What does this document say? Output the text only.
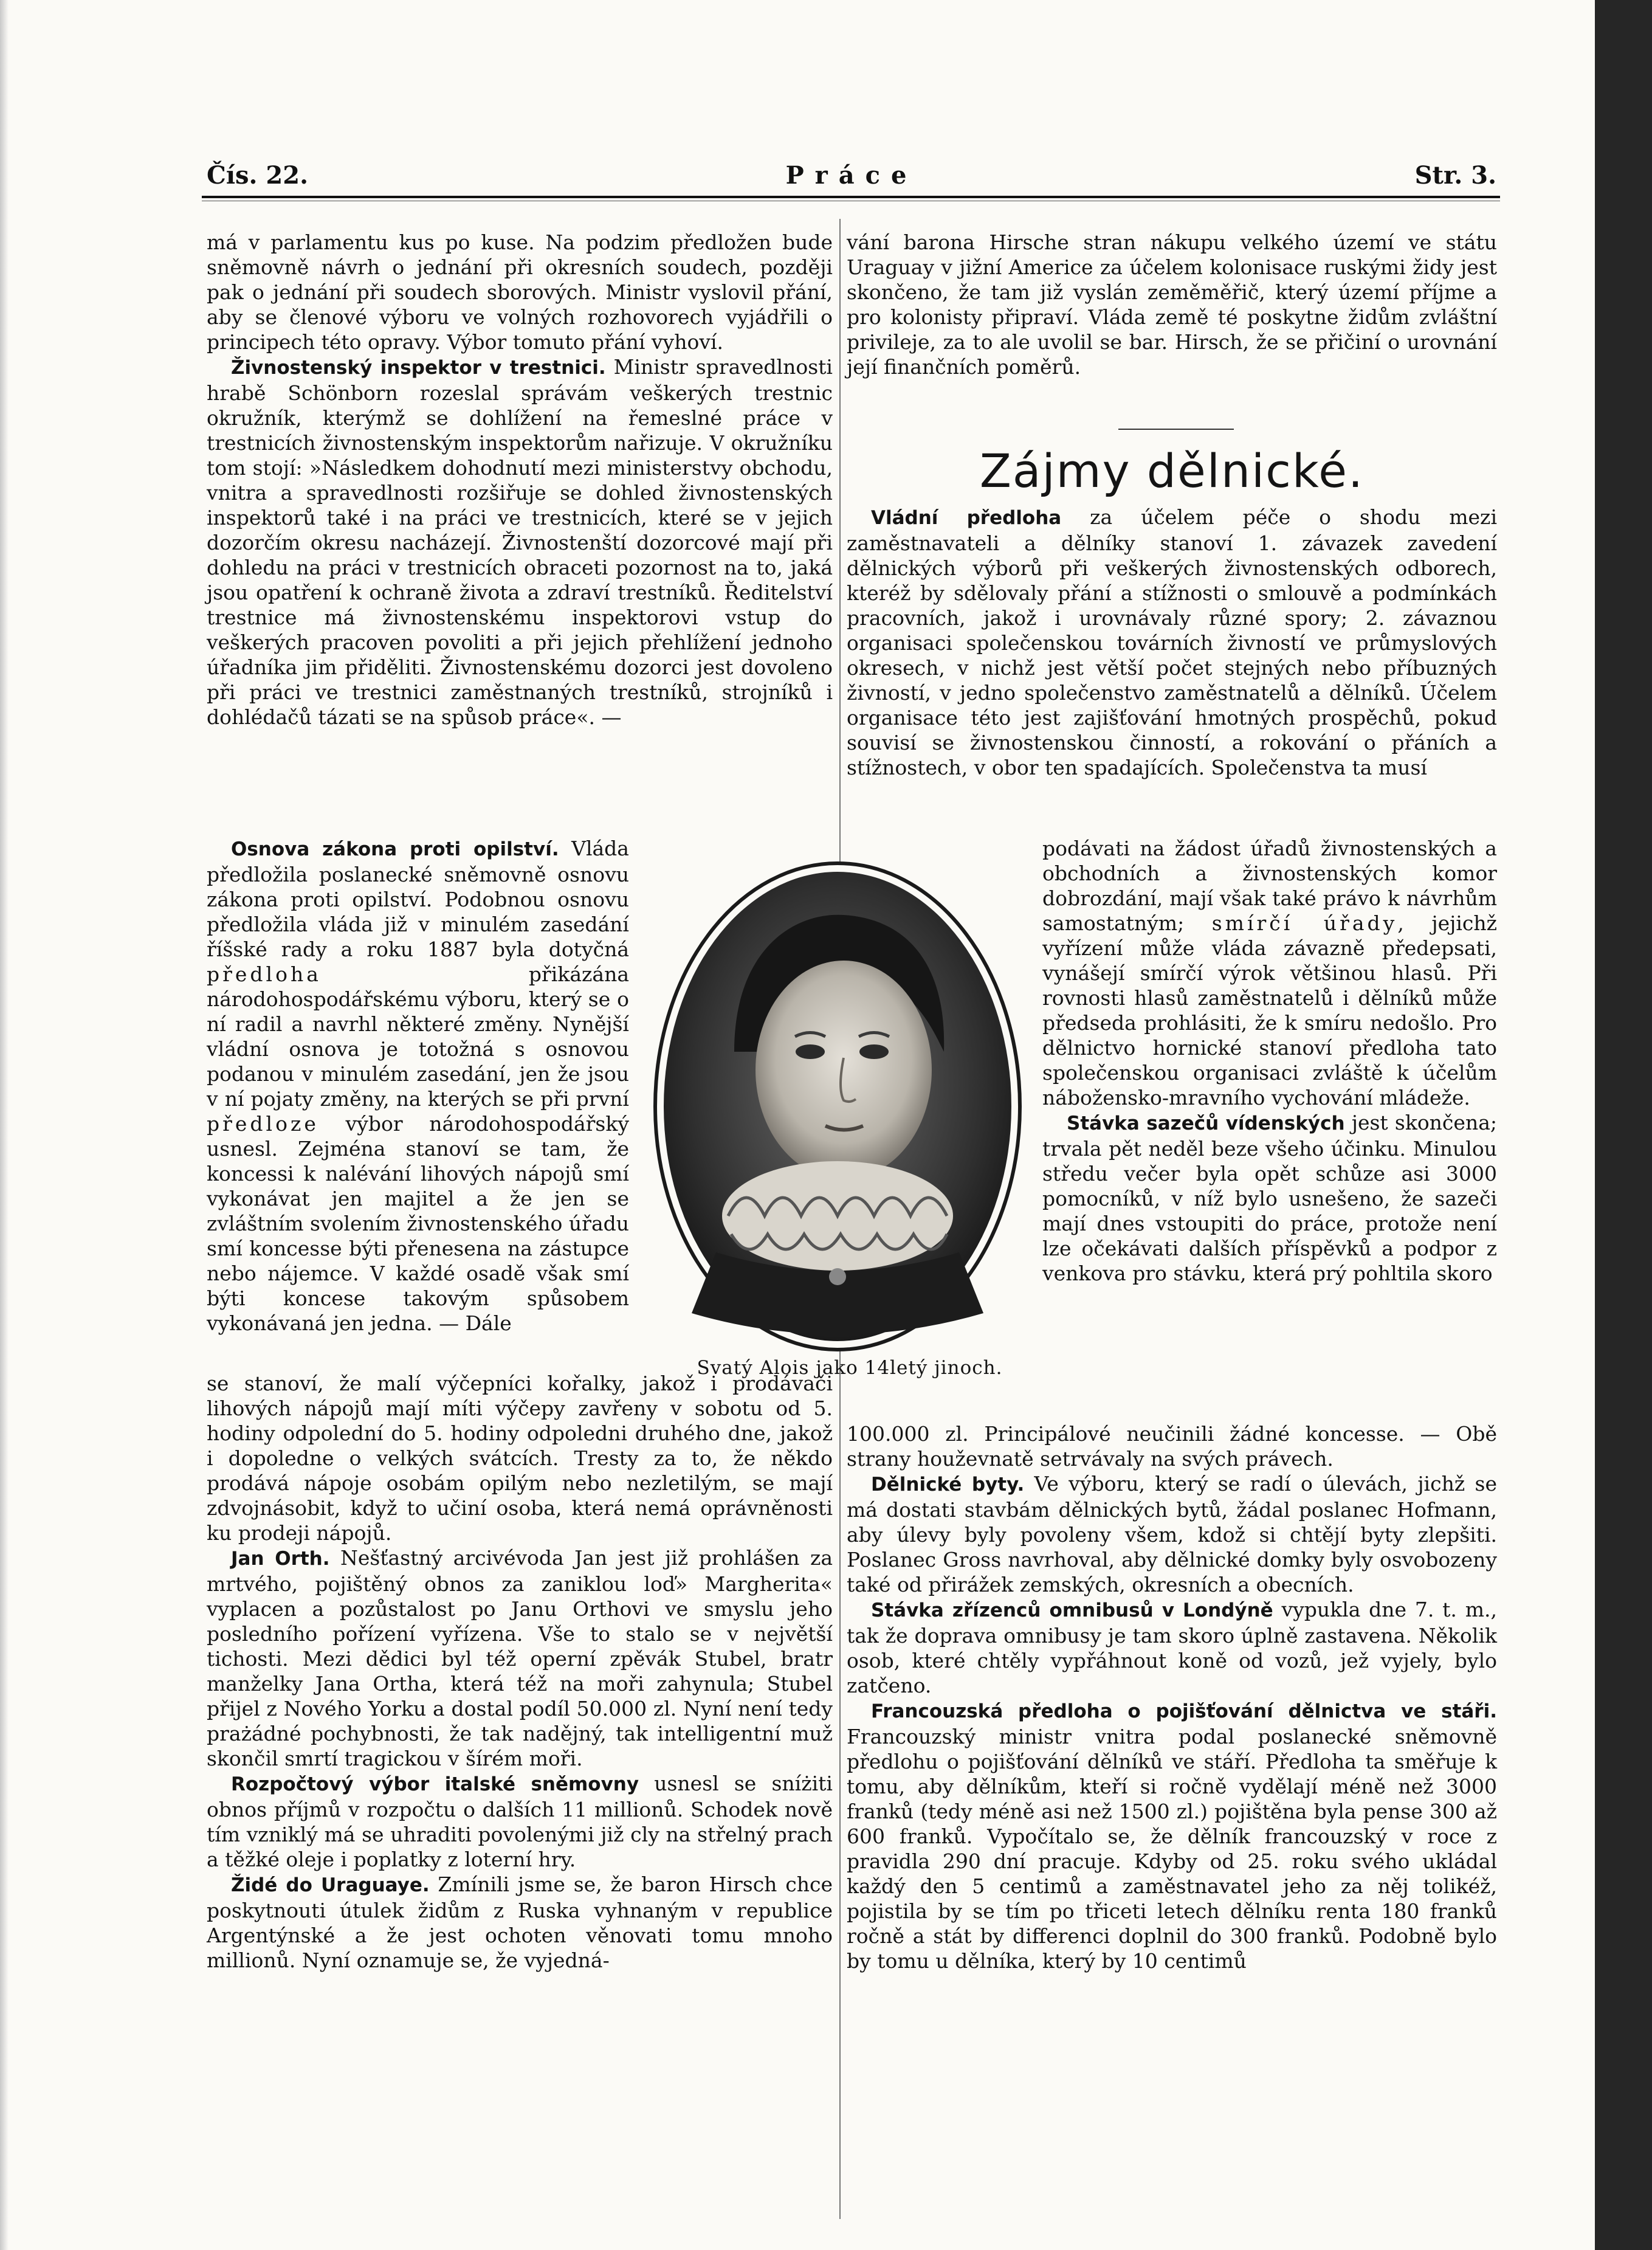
Čís. 22.	Práce	Str. 3.

má v parlamentu kus po kuse. Na podzim předložen bude sněmovně návrh o jednání při okresních soudech, později pak o jednání při soudech sborových. Ministr vyslovil přání, aby se členové výboru ve volných rozhovorech vyjádřili o principech této opravy. Výbor tomuto přání vyhoví.

Živnostenský inspektor v trestnici. Ministr spravedlnosti hrabě Schönborn rozeslal správám veškerých trestnic okružník, kterýmž se dohlížení na řemeslné práce v trestnicích živnostenským inspektorům nařizuje. V okružníku tom stojí: »Následkem dohodnutí mezi ministerstvy obchodu, vnitra a spravedlnosti rozšiřuje se dohled živnostenských inspektorů také i na práci ve trestnicích, které se v jejich dozorčím okresu nacházejí. Živnostenští dozorcové mají při dohledu na práci v trestnicích obraceti pozornost na to, jaká jsou opatření k ochraně života a zdraví trestníků. Ředitelství trestnice má živnostenskému inspektorovi vstup do veškerých pracoven povoliti a při jejich přehlížení jednoho úřadníka jim přiděliti. Živnostenskému dozorci jest dovoleno při práci ve trestnici zaměstnaných trestníků, strojníků i dohlédačů tázati se na spůsob práce«. —

Osnova zákona proti opilství. Vláda předložila poslanecké sněmovně osnovu zákona proti opilství. Podobnou osnovu předložila vláda již v minulém zasedání říšské rady a roku 1887 byla dotyčná předloha přikázána národohospodářskému výboru, který se o ní radil a navrhl některé změny. Nynější vládní osnova je totožná s osnovou podanou v minulém zasedání, jen že jsou v ní pojaty změny, na kterých se při první předloze výbor národohospodářský usnesl. Zejména stanoví se tam, že koncessi k nalévání lihových nápojů smí vykonávat jen majitel a že jen se zvláštním svolením živnostenského úřadu smí koncesse býti přenesena na zástupce nebo nájemce. V každé osadě však smí býti koncese takovým spůsobem vykonávaná jen jedna. — Dále

se stanoví, že malí výčepníci kořalky, jakož i prodávači lihových nápojů mají míti výčepy zavřeny v sobotu od 5. hodiny odpolední do 5. hodiny odpoledni druhého dne, jakož i dopoledne o velkých svátcích. Tresty za to, že někdo prodává nápoje osobám opilým nebo nezletilým, se mají zdvojnásobit, když to učiní osoba, která nemá oprávněnosti ku prodeji nápojů.

Jan Orth. Nešťastný arcivévoda Jan jest již prohlášen za mrtvého, pojištěný obnos za zaniklou loď» Margherita« vyplacen a pozůstalost po Janu Orthovi ve smyslu jeho posledního pořízení vyřízena. Vše to stalo se v největší tichosti. Mezi dědici byl též operní zpěvák Stubel, bratr manželky Jana Ortha, která též na moři zahynula; Stubel přijel z Nového Yorku a dostal podíl 50.000 zl. Nyní není tedy prażádné pochybnosti, že tak nadějný, tak intelligentní muž skončil smrtí tragickou v šírém moři.

Rozpočtový výbor italské sněmovny usnesl se sníżiti obnos příjmů v rozpočtu o dalších 11 millionů. Schodek nově tím vzniklý má se uhraditi povolenými již cly na střelný prach a těžké oleje i poplatky z loterní hry.

Židé do Uraguaye. Zmínili jsme se, že baron Hirsch chce poskytnouti útulek židům z Ruska vyhnaným v republice Argentýnské a že jest ochoten věnovati tomu mnoho millionů. Nyní oznamuje se, že vyjedná-

vání barona Hirsche stran nákupu velkého území ve státu Uraguay v jižní Americe za účelem kolonisace ruskými židy jest skončeno, že tam již vyslán zeměměřič, který území příjme a pro kolonisty připraví. Vláda země té poskytne židům zvláštní privileje, za to ale uvolil se bar. Hirsch, že se přičiní o urovnání její finančních poměrů.

Zájmy dělnické.

Vládní předloha za účelem péče o shodu mezi zaměstnavateli a dělníky stanoví 1. závazek zavedení dělnických výborů při veškerých živnostenských odborech, kteréž by sdělovaly přání a stížnosti o smlouvě a podmínkách pracovních, jakož i urovnávaly různé spory; 2. závaznou organisaci společenskou továrních živností ve průmyslových okresech, v nichž jest větší počet stejných nebo příbuzných živností, v jedno společenstvo zaměstnatelů a dělníků. Účelem organisace této jest zajišťování hmotných prospěchů, pokud souvisí se živnostenskou činností, a rokování o přáních a stížnostech, v obor ten spadajících. Společenstva ta musí

podávati na žádost úřadů živnostenských a obchodních a živnostenských komor dobrozdání, mají však také právo k návrhům samostatným; smírčí úřady, jejichž vyřízení může vláda závazně předepsati, vynášejí smírčí výrok většinou hlasů. Při rovnosti hlasů zaměstnatelů i dělníků může předseda prohlásiti, že k smíru nedošlo. Pro dělnictvo hornické stanoví předloha tato společenskou organisaci zvláště k účelům nábožensko-mravního vychování mládeže.

Stávka sazečů vídenských jest skončena; trvala pět neděl beze všeho účinku. Minulou středu večer byla opět schůze asi 3000 pomocníků, v níž bylo usnešeno, že sazeči mají dnes vstoupiti do práce, protože není lze očekávati dalších příspěvků a podpor z venkova pro stávku, která prý pohltila skoro

100.000 zl. Principálové neučinili žádné koncesse. — Obě strany houževnatě setrvávaly na svých právech.

Dělnické byty. Ve výboru, který se radí o úlevách, jichž se má dostati stavbám dělnických bytů, žádal poslanec Hofmann, aby úlevy byly povoleny všem, kdož si chtějí byty zlepšiti. Poslanec Gross navrhoval, aby dělnické domky byly osvobozeny také od přirážek zemských, okresních a obecních.

Stávka zřízenců omnibusů v Londýně vypukla dne 7. t. m., tak že doprava omnibusy je tam skoro úplně zastavena. Několik osob, které chtěly vypřáhnout koně od vozů, jež vyjely, bylo zatčeno.

Francouzská předloha o pojišťování dělnictva ve stáři. Francouzský ministr vnitra podal poslanecké sněmovně předlohu o pojišťování dělníků ve stáří. Předloha ta směřuje k tomu, aby dělníkům, kteří si ročně vydělají méně než 3000 franků (tedy méně asi než 1500 zl.) pojištěna byla pense 300 až 600 franků. Vypočítalo se, že dělník francouzský v roce z pravidla 290 dní pracuje. Kdyby od 25. roku svého ukládal každý den 5 centimů a zaměstnavatel jeho za něj tolikéž, pojistila by se tím po třiceti letech dělníku renta 180 franků ročně a stát by differenci doplnil do 300 franků. Podobně bylo by tomu u dělníka, který by 10 centimů

Svatý Alois jako 14letý jinoch.
